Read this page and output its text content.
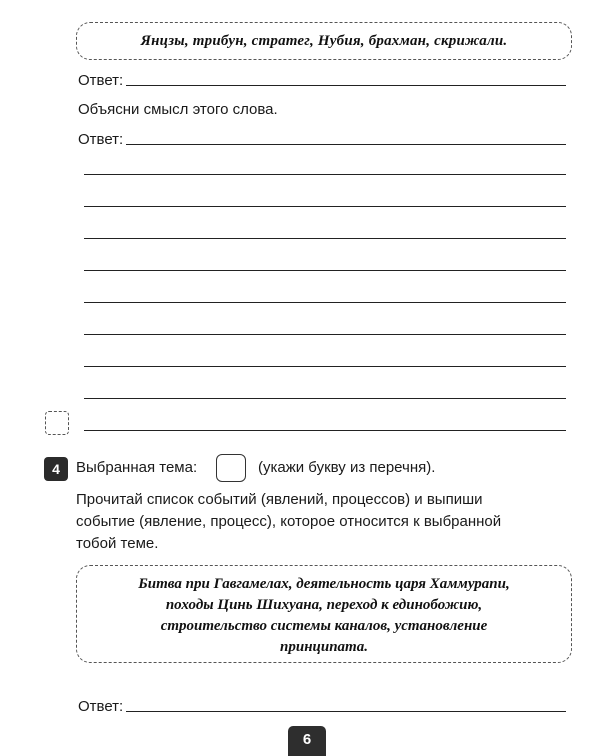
Янцзы, трибун, стратег, Нубия, брахман, скрижали.
Ответ:
Объясни смысл этого слова.
Ответ:
4	Выбранная тема:	(укажи букву из перечня).
Прочитай список событий (явлений, процессов) и выпиши
событие (явление, процесс), которое относится к выбранной
тобой теме.
Битва при Гавгамелах, деятельность царя Хаммурапи,
походы Цинь Шихуана, переход к единобожию,
строительство системы каналов, установление
принципата.
Ответ:
6
